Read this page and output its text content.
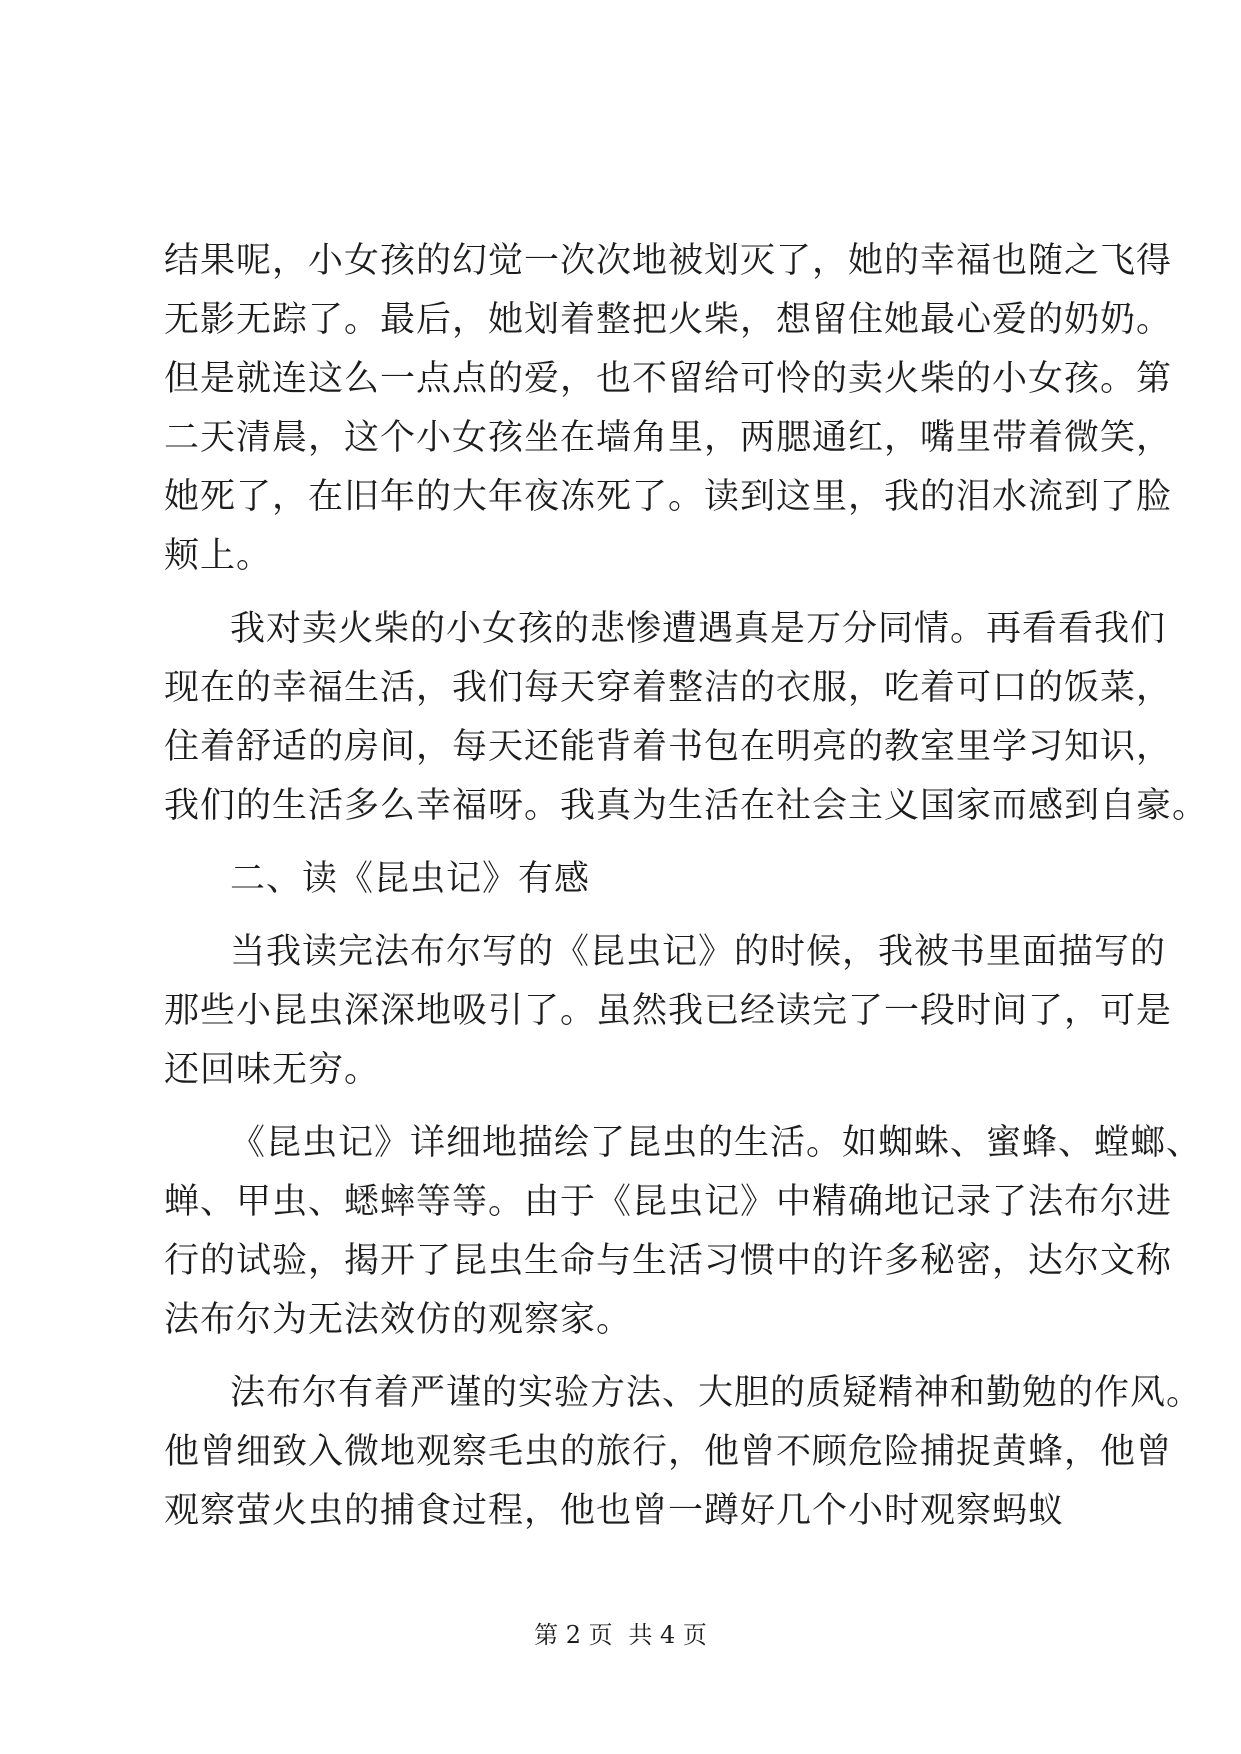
结果呢，小女孩的幻觉一次次地被划灭了，她的幸福也随之飞得
无影无踪了。最后，她划着整把火柴，想留住她最心爱的奶奶。
但是就连这么一点点的爱，也不留给可怜的卖火柴的小女孩。第
二天清晨，这个小女孩坐在墙角里，两腮通红，嘴里带着微笑，
她死了，在旧年的大年夜冻死了。读到这里，我的泪水流到了脸
颊上。
我对卖火柴的小女孩的悲惨遭遇真是万分同情。再看看我们
现在的幸福生活，我们每天穿着整洁的衣服，吃着可口的饭菜，
住着舒适的房间，每天还能背着书包在明亮的教室里学习知识，
我们的生活多么幸福呀。我真为生活在社会主义国家而感到自豪。
二、读《昆虫记》有感
当我读完法布尔写的《昆虫记》的时候，我被书里面描写的
那些小昆虫深深地吸引了。虽然我已经读完了一段时间了，可是
还回味无穷。
《昆虫记》详细地描绘了昆虫的生活。如蜘蛛、蜜蜂、螳螂、
蝉、甲虫、蟋蟀等等。由于《昆虫记》中精确地记录了法布尔进
行的试验，揭开了昆虫生命与生活习惯中的许多秘密，达尔文称
法布尔为无法效仿的观察家。
法布尔有着严谨的实验方法、大胆的质疑精神和勤勉的作风。
他曾细致入微地观察毛虫的旅行，他曾不顾危险捕捉黄蜂，他曾
观察萤火虫的捕食过程，他也曾一蹲好几个小时观察蚂蚁
第 2 页 共 4 页
